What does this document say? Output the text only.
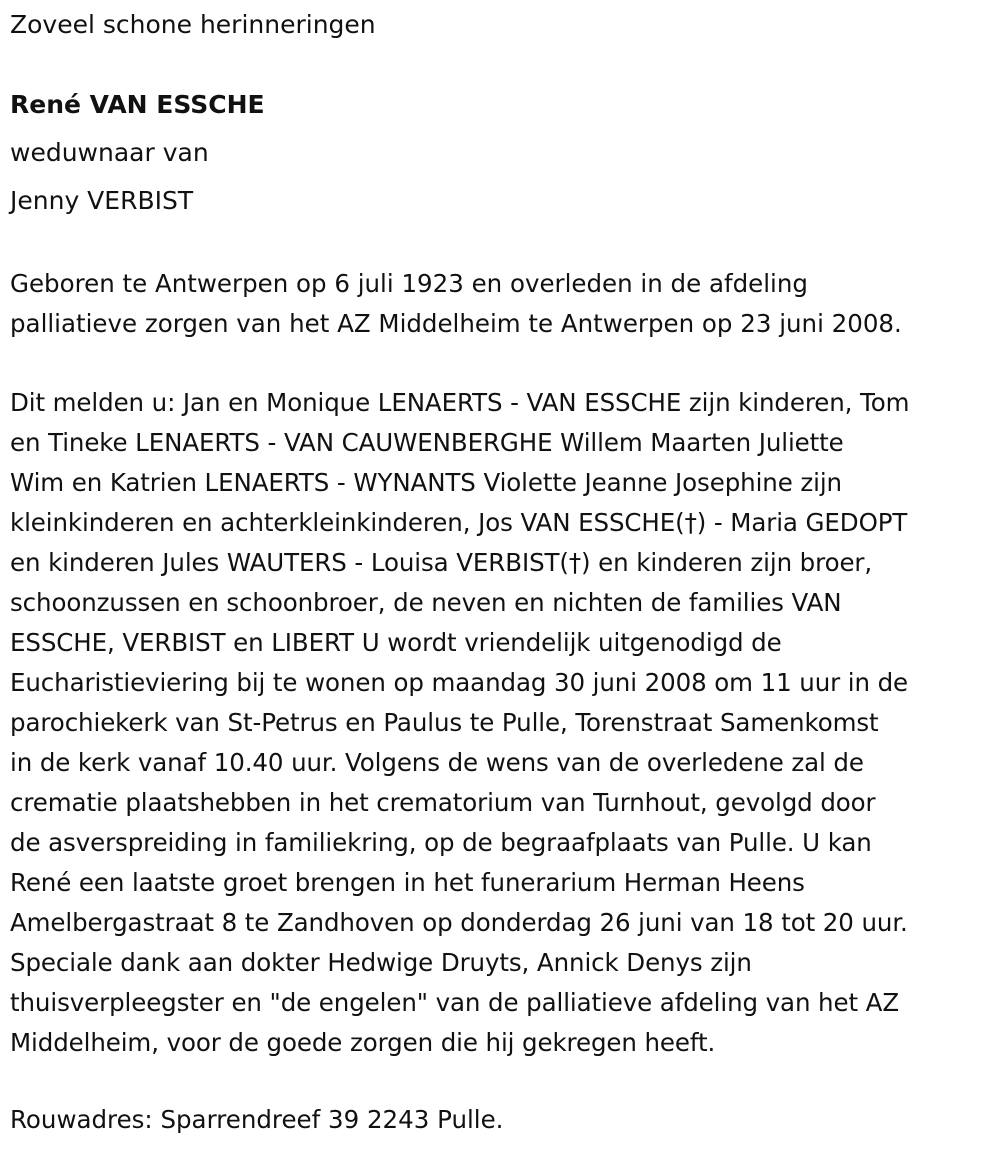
Zoveel schone herinneringen
René VAN ESSCHE
weduwnaar van
Jenny VERBIST
Geboren te Antwerpen op 6 juli 1923 en overleden in de afdeling
palliatieve zorgen van het AZ Middelheim te Antwerpen op 23 juni 2008.
Dit melden u: Jan en Monique LENAERTS - VAN ESSCHE zijn kinderen, Tom
en Tineke LENAERTS - VAN CAUWENBERGHE Willem Maarten Juliette
Wim en Katrien LENAERTS - WYNANTS Violette Jeanne Josephine zijn
kleinkinderen en achterkleinkinderen, Jos VAN ESSCHE(†) - Maria GEDOPT
en kinderen Jules WAUTERS - Louisa VERBIST(†) en kinderen zijn broer,
schoonzussen en schoonbroer, de neven en nichten de families VAN
ESSCHE, VERBIST en LIBERT U wordt vriendelijk uitgenodigd de
Eucharistieviering bij te wonen op maandag 30 juni 2008 om 11 uur in de
parochiekerk van St-Petrus en Paulus te Pulle, Torenstraat Samenkomst
in de kerk vanaf 10.40 uur. Volgens de wens van de overledene zal de
crematie plaatshebben in het crematorium van Turnhout, gevolgd door
de asverspreiding in familiekring, op de begraafplaats van Pulle. U kan
René een laatste groet brengen in het funerarium Herman Heens
Amelbergastraat 8 te Zandhoven op donderdag 26 juni van 18 tot 20 uur.
Speciale dank aan dokter Hedwige Druyts, Annick Denys zijn
thuisverpleegster en "de engelen" van de palliatieve afdeling van het AZ
Middelheim, voor de goede zorgen die hij gekregen heeft.
Rouwadres: Sparrendreef 39 2243 Pulle.
